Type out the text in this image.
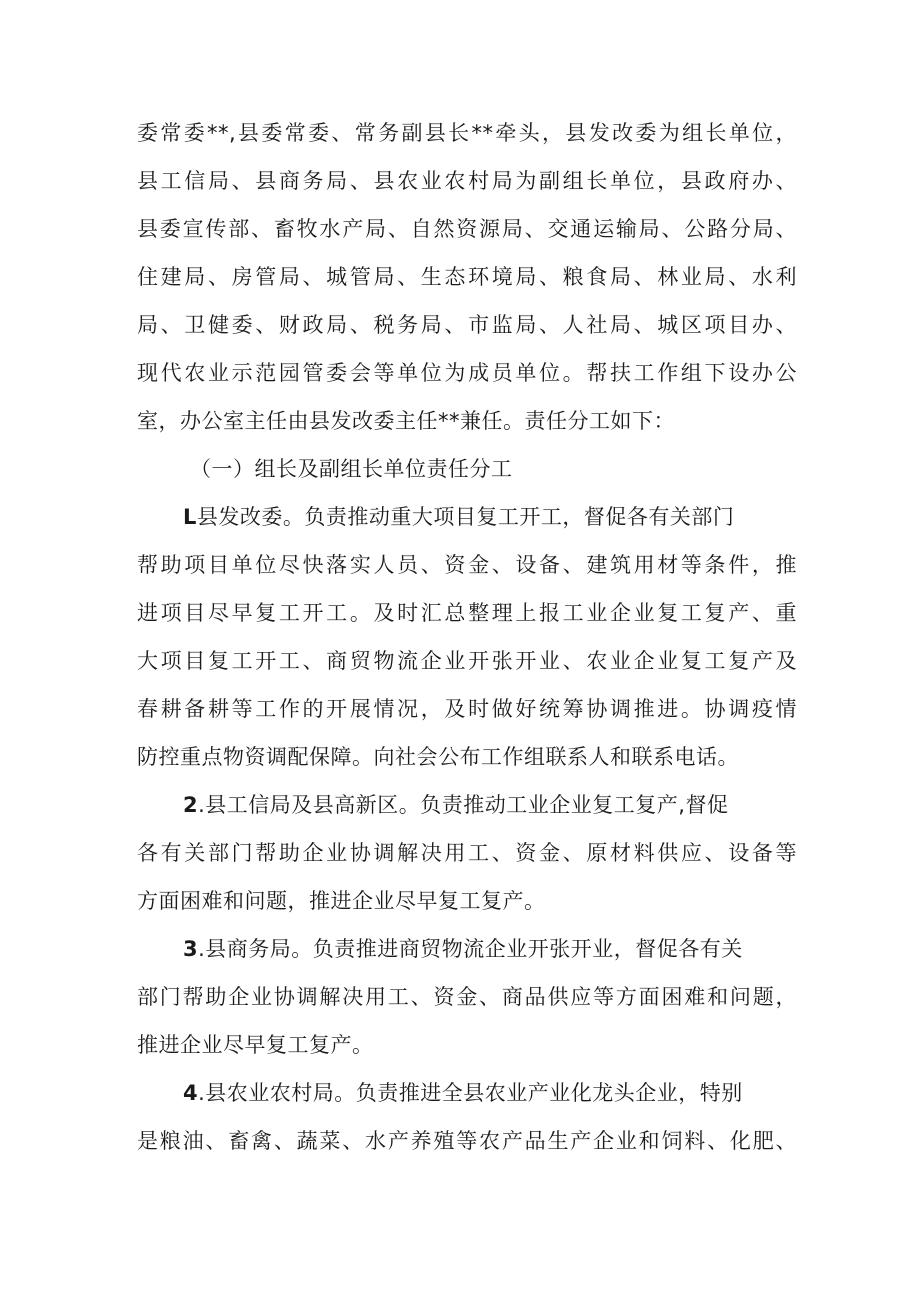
委常委**,县委常委、常务副县长**牵头，县发改委为组长单位，
县工信局、县商务局、县农业农村局为副组长单位，县政府办、
县委宣传部、畜牧水产局、自然资源局、交通运输局、公路分局、
住建局、房管局、城管局、生态环境局、粮食局、林业局、水利
局、卫健委、财政局、税务局、市监局、人社局、城区项目办、
现代农业示范园管委会等单位为成员单位。帮扶工作组下设办公
室，办公室主任由县发改委主任**兼任。责任分工如下：
（一）组长及副组长单位责任分工
L县发改委。负责推动重大项目复工开工，督促各有关部门
帮助项目单位尽快落实人员、资金、设备、建筑用材等条件，推
进项目尽早复工开工。及时汇总整理上报工业企业复工复产、重
大项目复工开工、商贸物流企业开张开业、农业企业复工复产及
春耕备耕等工作的开展情况，及时做好统筹协调推进。协调疫情
防控重点物资调配保障。向社会公布工作组联系人和联系电话。
2.县工信局及县高新区。负责推动工业企业复工复产,督促
各有关部门帮助企业协调解决用工、资金、原材料供应、设备等
方面困难和问题，推进企业尽早复工复产。
3.县商务局。负责推进商贸物流企业开张开业，督促各有关
部门帮助企业协调解决用工、资金、商品供应等方面困难和问题，
推进企业尽早复工复产。
4.县农业农村局。负责推进全县农业产业化龙头企业，特别
是粮油、畜禽、蔬菜、水产养殖等农产品生产企业和饲料、化肥、
